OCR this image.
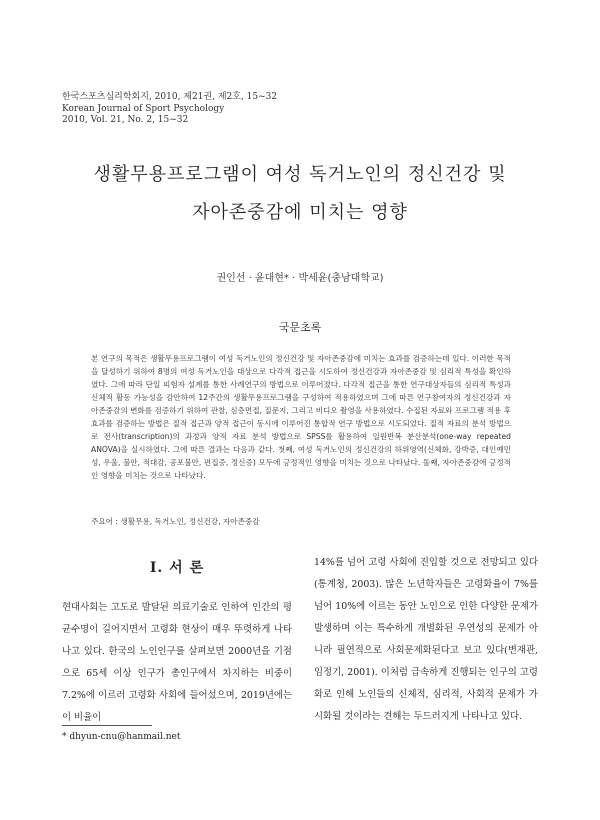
한국스포츠심리학회지, 2010, 제21권, 제2호, 15~32
Korean Journal of Sport Psychology
2010, Vol. 21, No. 2, 15~32
생활무용프로그램이 여성 독거노인의 정신건강 및
자아존중감에 미치는 영향
권인선 · 윤대현* · 박세윤(충남대학교)
국문초록
본 연구의 목적은 생활무용프로그램이 여성 독거노인의 정신건강 및 자아존중감에 미치는 효과를 검증하는데 있다. 이러한 목적을 달성하기 위하여 8명의 여성 독거노인을 대상으로 다각적 접근을 시도하여 정신건강과 자아존중감 및 심리적 특성을 확인하였다. 그에 따라 단일 피험자 설계를 통한 사례연구의 방법으로 이루어졌다. 다각적 접근을 통한 연구대상자들의 심리적 특성과 신체적 활동 가능성을 감안하여 12주간의 생활무용프로그램을 구성하여 적용하였으며 그에 따른 연구참여자의 정신건강과 자아존중감의 변화를 검증하기 위하여 관찰, 심층면접, 질문지, 그리고 비디오 촬영을 사용하였다. 수집된 자료와 프로그램 적용 후 효과를 검증하는 방법은 질적 접근과 양적 접근이 동시에 이루어진 통합적 연구 방법으로 시도되었다. 질적 자료의 분석 방법으로 전사(transcription)의 과정과 양적 자료 분석 방법으로 SPSS를 활용하여 일원반복 분산분석(one-way repeated ANOVA)을 실시하였다. 그에 따른 결과는 다음과 같다. 첫째, 여성 독거노인의 정신건강의 하위영역(신체화, 강박증, 대인예민성, 우울, 불안, 적대감, 공포불안, 편집증, 정신증) 모두에 긍정적인 영향을 미치는 것으로 나타났다. 둘째, 자아존중감에 긍정적인 영향을 미치는 것으로 나타났다.
주요어 : 생활무용, 독거노인, 정신건강, 자아존중감
I. 서 론
현대사회는 고도로 발달된 의료기술로 인하여 인간의 평균수명이 길어지면서 고령화 현상이 매우 뚜렷하게 나타나고 있다. 한국의 노인인구를 살펴보면 2000년을 기점으로 65세 이상 인구가 총인구에서 차지하는 비중이 7.2%에 이르러 고령화 사회에 들어섰으며, 2019년에는 이 비율이
14%를 넘어 고령 사회에 진입할 것으로 전망되고 있다(통계청, 2003). 많은 노년학자들은 고령화율이 7%를 넘어 10%에 이르는 동안 노인으로 인한 다양한 문제가 발생하며 이는 특수하게 개별화된 우연성의 문제가 아니라 필연적으로 사회문제화된다고 보고 있다(변재관, 임정기, 2001). 이처럼 급속하게 진행되는 인구의 고령화로 인해 노인들의 신체적, 심리적, 사회적 문제가 가시화될 것이라는 견해는 두드러지게 나타나고 있다.
* dhyun-cnu@hanmail.net
